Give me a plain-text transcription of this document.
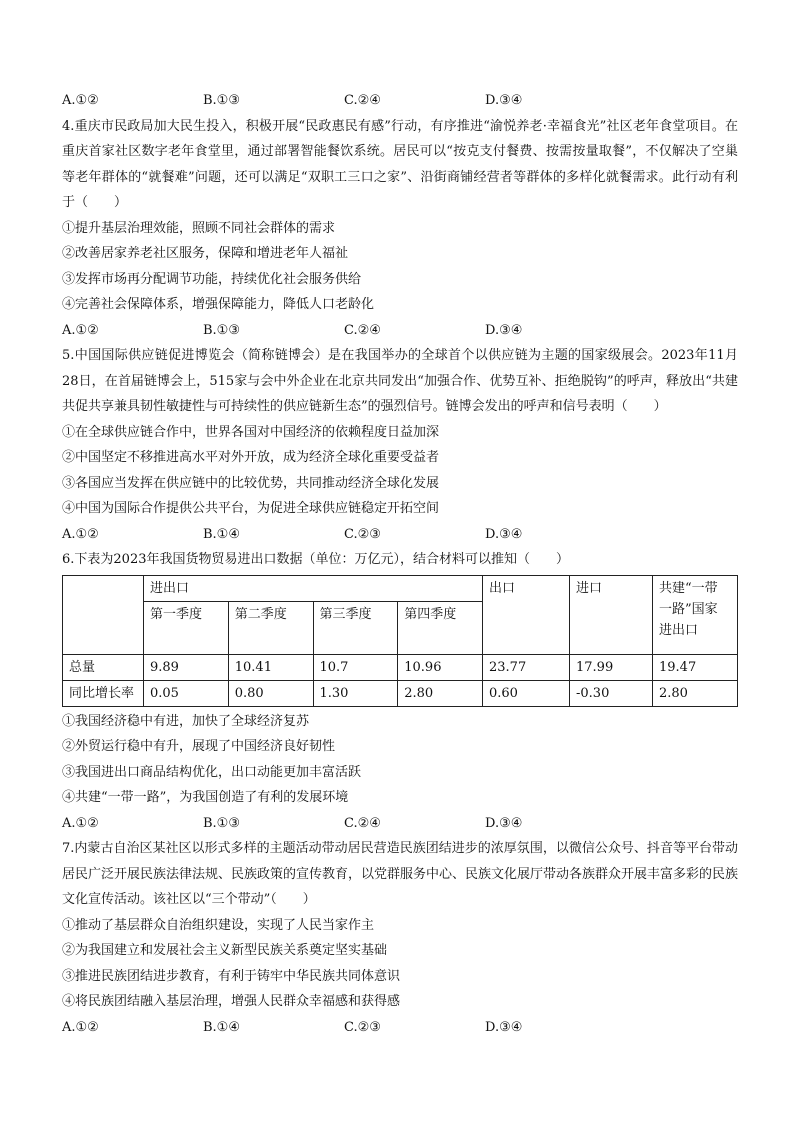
A.①②	B.①③	C.②④	D.③④
4.重庆市民政局加大民生投入，积极开展“民政惠民有感”行动，有序推进“渝悦养老·幸福食光”社区老年食堂项目。在重庆首家社区数字老年食堂里，通过部署智能餐饮系统。居民可以“按克支付餐费、按需按量取餐”，不仅解决了空巢等老年群体的“就餐难”问题，还可以满足“双职工三口之家”、沿街商铺经营者等群体的多样化就餐需求。此行动有利于（　　）
①提升基层治理效能，照顾不同社会群体的需求
②改善居家养老社区服务，保障和增进老年人福祉
③发挥市场再分配调节功能，持续优化社会服务供给
④完善社会保障体系，增强保障能力，降低人口老龄化
A.①②	B.①③	C.②④	D.③④
5.中国国际供应链促进博览会（简称链博会）是在我国举办的全球首个以供应链为主题的国家级展会。2023年11月28日，在首届链博会上，515家与会中外企业在北京共同发出“加强合作、优势互补、拒绝脱钩”的呼声，释放出“共建共促共享兼具韧性敏捷性与可持续性的供应链新生态”的强烈信号。链博会发出的呼声和信号表明（　　）
①在全球供应链合作中，世界各国对中国经济的依赖程度日益加深
②中国坚定不移推进高水平对外开放，成为经济全球化重要受益者
③各国应当发挥在供应链中的比较优势，共同推动经济全球化发展
④中国为国际合作提供公共平台，为促进全球供应链稳定开拓空间
A.①②	B.①④	C.②③	D.③④
6.下表为2023年我国货物贸易进出口数据（单位：万亿元），结合材料可以推知（　　）
	进出口				出口	进口	共建“一带
一路”国家
进出口

	第一季度	第二季度	第三季度	第四季度			
总量	9.89	10.41	10.7	10.96	23.77	17.99	19.47
同比增长率	0.05	0.80	1.30	2.80	0.60	-0.30	2.80
①我国经济稳中有进，加快了全球经济复苏
②外贸运行稳中有升，展现了中国经济良好韧性
③我国进出口商品结构优化，出口动能更加丰富活跃
④共建“一带一路”，为我国创造了有利的发展环境
A.①②	B.①③	C.②④	D.③④
7.内蒙古自治区某社区以形式多样的主题活动带动居民营造民族团结进步的浓厚氛围，以微信公众号、抖音等平台带动居民广泛开展民族法律法规、民族政策的宣传教育，以党群服务中心、民族文化展厅带动各族群众开展丰富多彩的民族文化宣传活动。该社区以“三个带动”（　　）
①推动了基层群众自治组织建设，实现了人民当家作主
②为我国建立和发展社会主义新型民族关系奠定坚实基础
③推进民族团结进步教育，有利于铸牢中华民族共同体意识
④将民族团结融入基层治理，增强人民群众幸福感和获得感
A.①②	B.①④	C.②③	D.③④
